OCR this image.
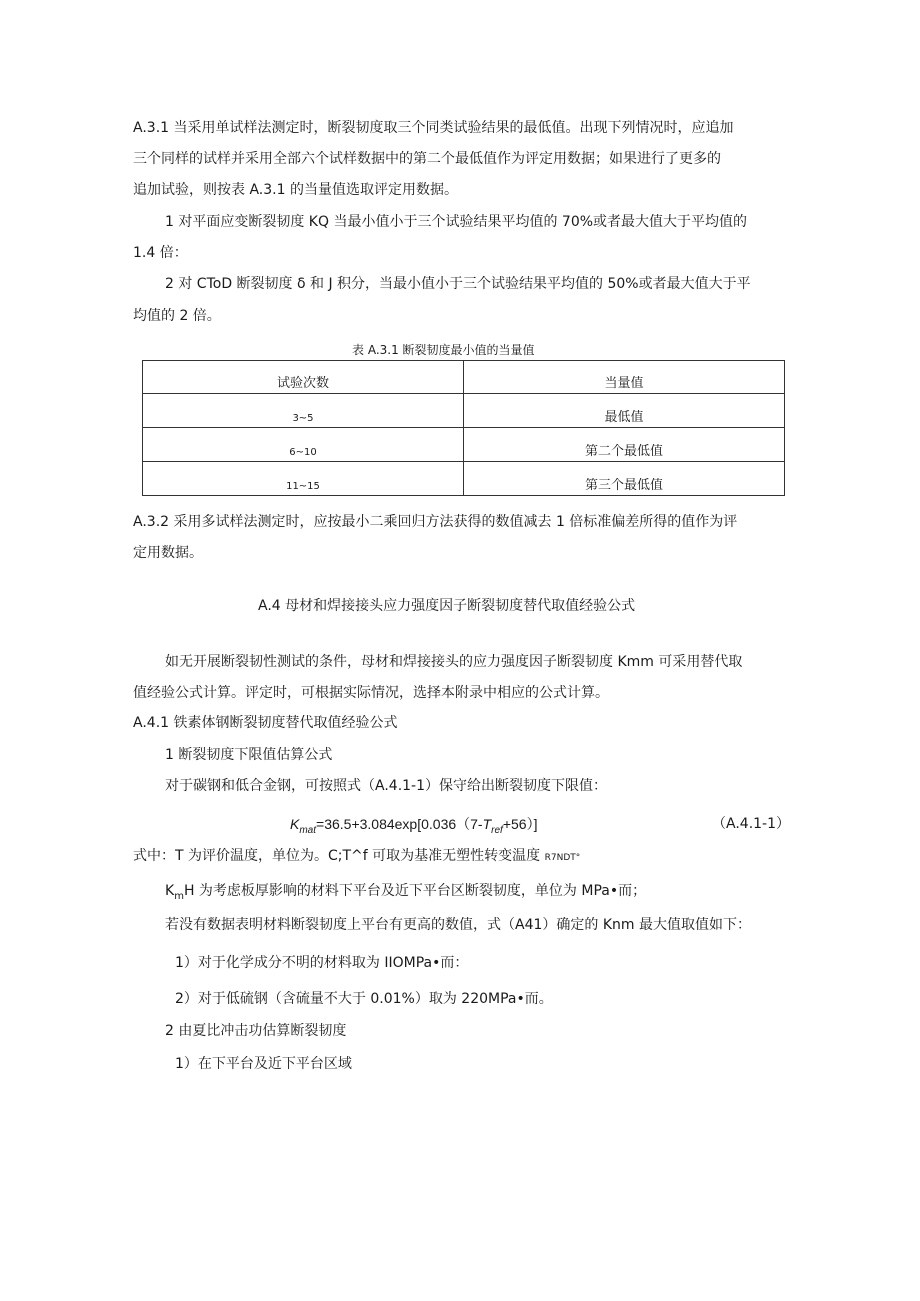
A.3.1 当采用单试样法测定时，断裂韧度取三个同类试验结果的最低值。出现下列情况时，应追加
三个同样的试样并采用全部六个试样数据中的第二个最低值作为评定用数据；如果进行了更多的
追加试验，则按表 A.3.1 的当量值选取评定用数据。
1 对平面应变断裂韧度 KQ 当最小值小于三个试验结果平均值的 70%或者最大值大于平均值的
1.4 倍：
2 对 CToD 断裂韧度 δ 和 J 积分，当最小值小于三个试验结果平均值的 50%或者最大值大于平
均值的 2 倍。
表 A.3.1 断裂韧度最小值的当量值
试验次数	当量值
3~5	最低值
6~10	第二个最低值
11~15	第三个最低值
A.3.2 采用多试样法测定时，应按最小二乘回归方法获得的数值减去 1 倍标准偏差所得的值作为评
定用数据。
A.4 母材和焊接接头应力强度因子断裂韧度替代取值经验公式
如无开展断裂韧性测试的条件，母材和焊接接头的应力强度因子断裂韧度 Kmm 可采用替代取
值经验公式计算。评定时，可根据实际情况，选择本附录中相应的公式计算。
A.4.1 铁素体钢断裂韧度替代取值经验公式
1 断裂韧度下限值估算公式
对于碳钢和低合金钢，可按照式（A.4.1-1）保守给出断裂韧度下限值：
$K_{mat}=36.5+3.084\exp[0.036(7-T_{ref}+56)]$	（A.4.1-1）
式中：T 为评价温度，单位为。C;T^f 可取为基准无塑性转变温度 R7NDT°
$K_mH$ 为考虑板厚影响的材料下平台及近下平台区断裂韧度，单位为 MPa•而；
若没有数据表明材料断裂韧度上平台有更高的数值，式（A41）确定的 Knm 最大值取值如下：
1）对于化学成分不明的材料取为 IIOMPa•而：
2）对于低硫钢（含硫量不大于 0.01%）取为 220MPa•而。
2 由夏比冲击功估算断裂韧度
1）在下平台及近下平台区域
